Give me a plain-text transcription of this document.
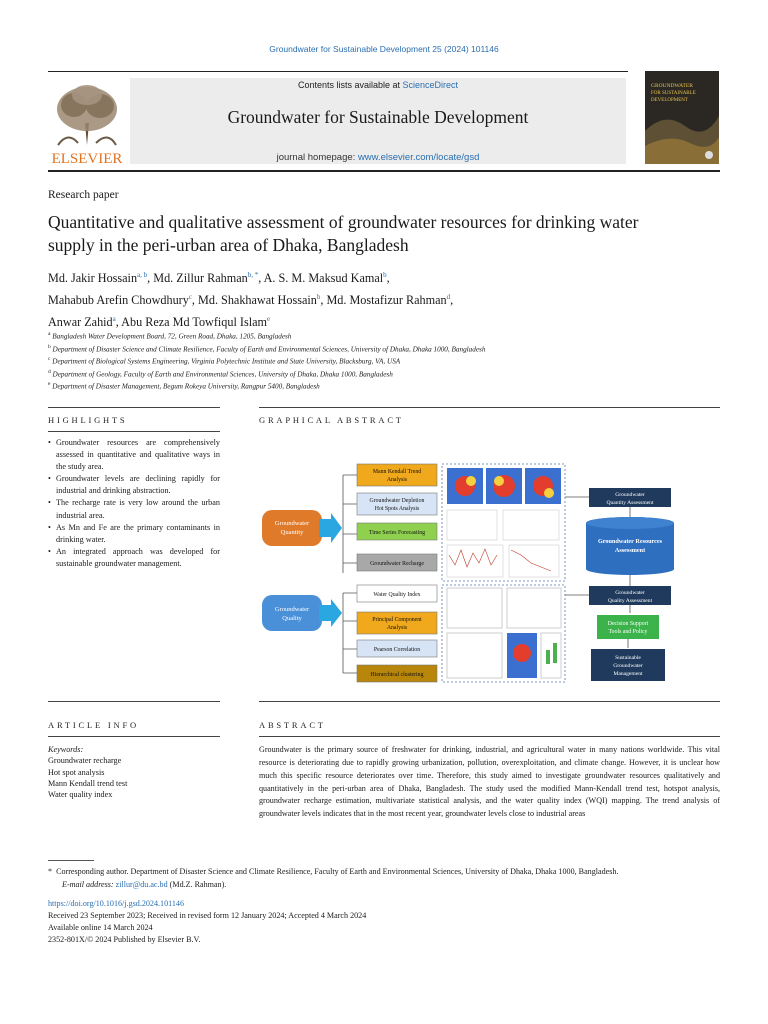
Groundwater for Sustainable Development 25 (2024) 101146
ELSEVIER
Contents lists available at ScienceDirect
Groundwater for Sustainable Development
journal homepage: www.elsevier.com/locate/gsd
GROUNDWATER
FOR SUSTAINABLE
DEVELOPMENT
Research paper
Quantitative and qualitative assessment of groundwater resources for drinking water supply in the peri-urban area of Dhaka, Bangladesh
Md. Jakir Hossain$^{a, b}$, Md. Zillur Rahman$^{b, *}$, A. S. M. Maksud Kamal$^b$,
Mahabub Arefin Chowdhury$^c$, Md. Shakhawat Hossain$^b$, Md. Mostafizur Rahman$^d$,
Anwar Zahid$^a$, Abu Reza Md Towfiqul Islam$^e$
$^a$ Bangladesh Water Development Board, 72, Green Road, Dhaka, 1205, Bangladesh
$^b$ Department of Disaster Science and Climate Resilience, Faculty of Earth and Environmental Sciences, University of Dhaka, Dhaka 1000, Bangladesh
$^c$ Department of Biological Systems Engineering, Virginia Polytechnic Institute and State University, Blacksburg, VA, USA
$^d$ Department of Geology, Faculty of Earth and Environmental Sciences, University of Dhaka, Dhaka 1000, Bangladesh
$^e$ Department of Disaster Management, Begum Rokeya University, Rangpur 5400, Bangladesh
HIGHLIGHTS	GRAPHICAL ABSTRACT
• Groundwater resources are comprehensively assessed in quantitative and qualitative ways in the study area.
• Groundwater levels are declining rapidly for industrial and drinking abstraction.
• The recharge rate is very low around the urban industrial area.
• As Mn and Fe are the primary contaminants in drinking water.
• An integrated approach was developed for sustainable groundwater management.
Groundwater
Quantity
Groundwater
Quality
Mann Kendall Trend
Analysis
Groundwater Depletion
Hot Spots Analysis
Time Series Forecasting
Groundwater Recharge
Water Quality Index
Principal Component
Analysis
Pearson Correlation
Hierarchical clustering
Groundwater
Quantity Assessment
Groundwater Resources
Assessment
Groundwater
Quality Assessment
Decision Support
Tools and Policy
Sustainable
Groundwater
Management
ARTICLE INFO	ABSTRACT
Keywords:
Groundwater recharge
Hot spot analysis
Mann Kendall trend test
Water quality index
Groundwater is the primary source of freshwater for drinking, industrial, and agricultural water in many nations worldwide. This vital resource is deteriorating due to rapidly growing urbanization, pollution, overexploitation, and climate change. However, it is unclear how much this specific resource deteriorates over time. Therefore, this study aimed to investigate groundwater resources qualitatively and quantitatively in the peri-urban area of Dhaka, Bangladesh. The study used the modified Mann-Kendall trend test, hotspot analysis, groundwater recharge estimation, multivariate statistical analysis, and the water quality index (WQI) mapping. The trend analysis of groundwater levels indicates that in the most recent year, groundwater levels close to industrial areas
* Corresponding author. Department of Disaster Science and Climate Resilience, Faculty of Earth and Environmental Sciences, University of Dhaka, Dhaka 1000, Bangladesh.
E-mail address: zillur@du.ac.bd (Md.Z. Rahman).
https://doi.org/10.1016/j.gsd.2024.101146
Received 23 September 2023; Received in revised form 12 January 2024; Accepted 4 March 2024
Available online 14 March 2024
2352-801X/© 2024 Published by Elsevier B.V.
